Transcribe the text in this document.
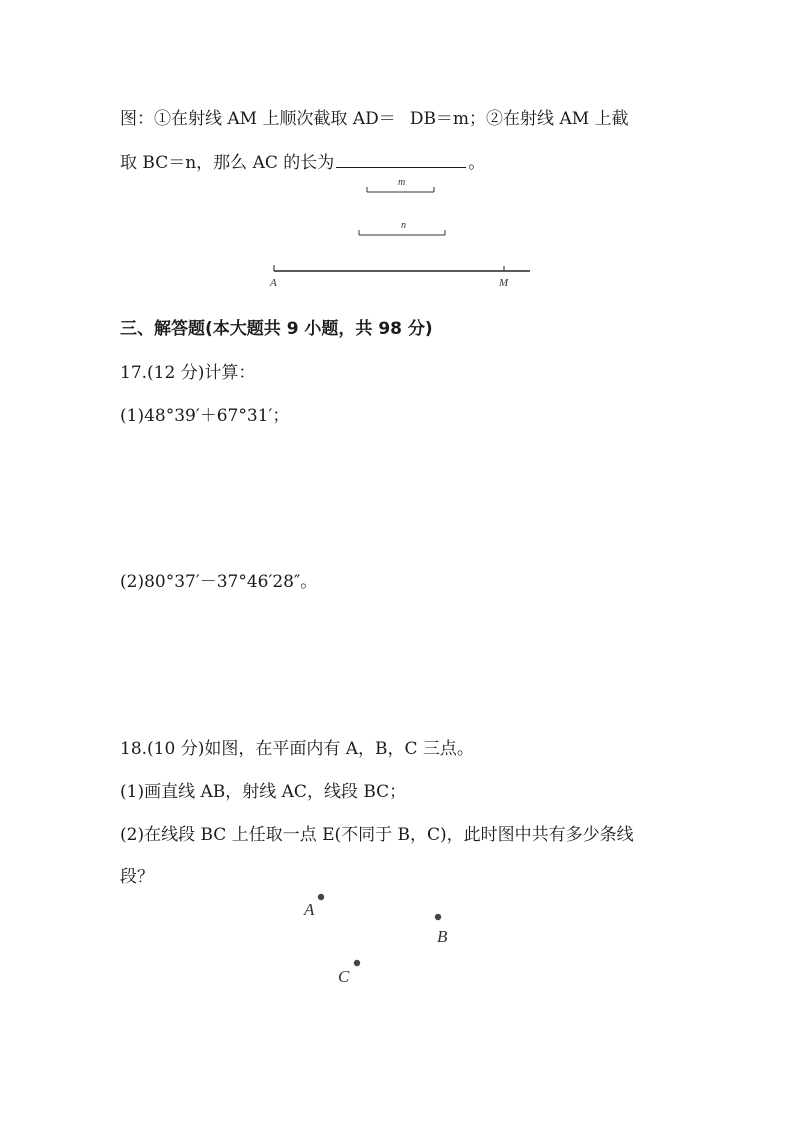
图：①在射线 AM 上顺次截取 AD＝ DB＝m；②在射线 AM 上截
取 BC＝n，那么 AC 的长为	。
m
n
A	M
A
B
C
三、解答题(本大题共 9 小题，共 98 分)
17.(12 分)计算：
(1)48°39′＋67°31′；
(2)80°37′－37°46′28″。
18.(10 分)如图，在平面内有 A，B，C 三点。
(1)画直线 AB，射线 AC，线段 BC；
(2)在线段 BC 上任取一点 E(不同于 B，C)，此时图中共有多少条线
段？
